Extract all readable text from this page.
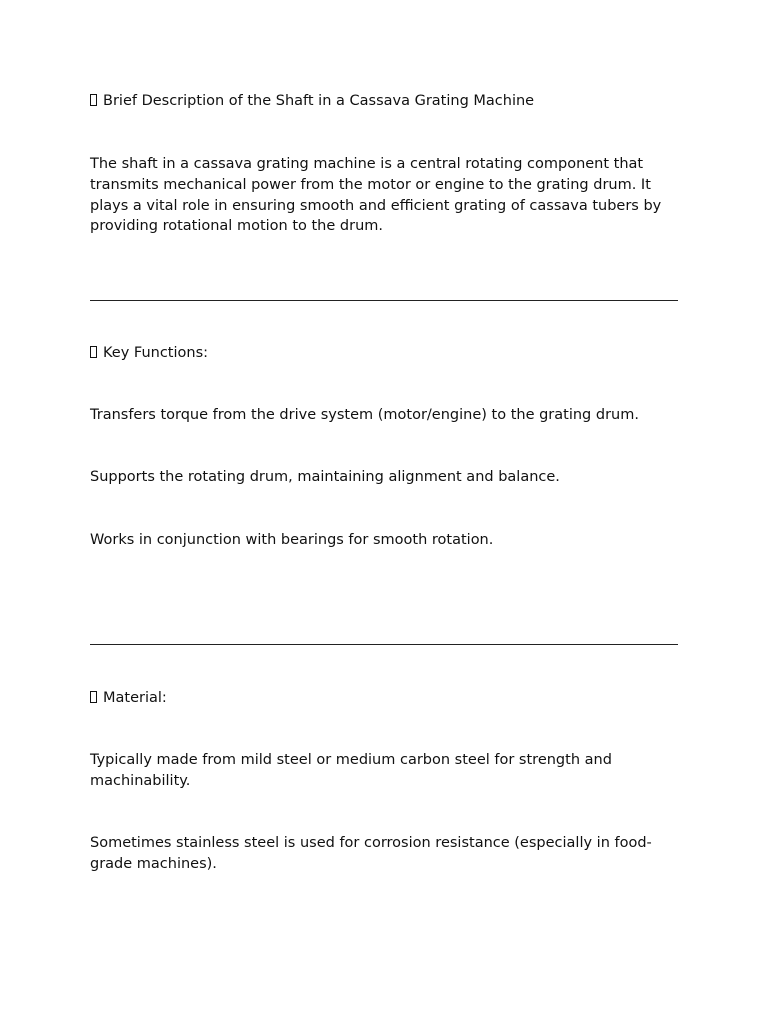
Brief Description of the Shaft in a Cassava Grating Machine

The shaft in a cassava grating machine is a central rotating component that transmits mechanical power from the motor or engine to the grating drum. It plays a vital role in ensuring smooth and efficient grating of cassava tubers by providing rotational motion to the drum.

Key Functions:

Transfers torque from the drive system (motor/engine) to the grating drum.

Supports the rotating drum, maintaining alignment and balance.

Works in conjunction with bearings for smooth rotation.

Material:

Typically made from mild steel or medium carbon steel for strength and machinability.

Sometimes stainless steel is used for corrosion resistance (especially in food-grade machines).
